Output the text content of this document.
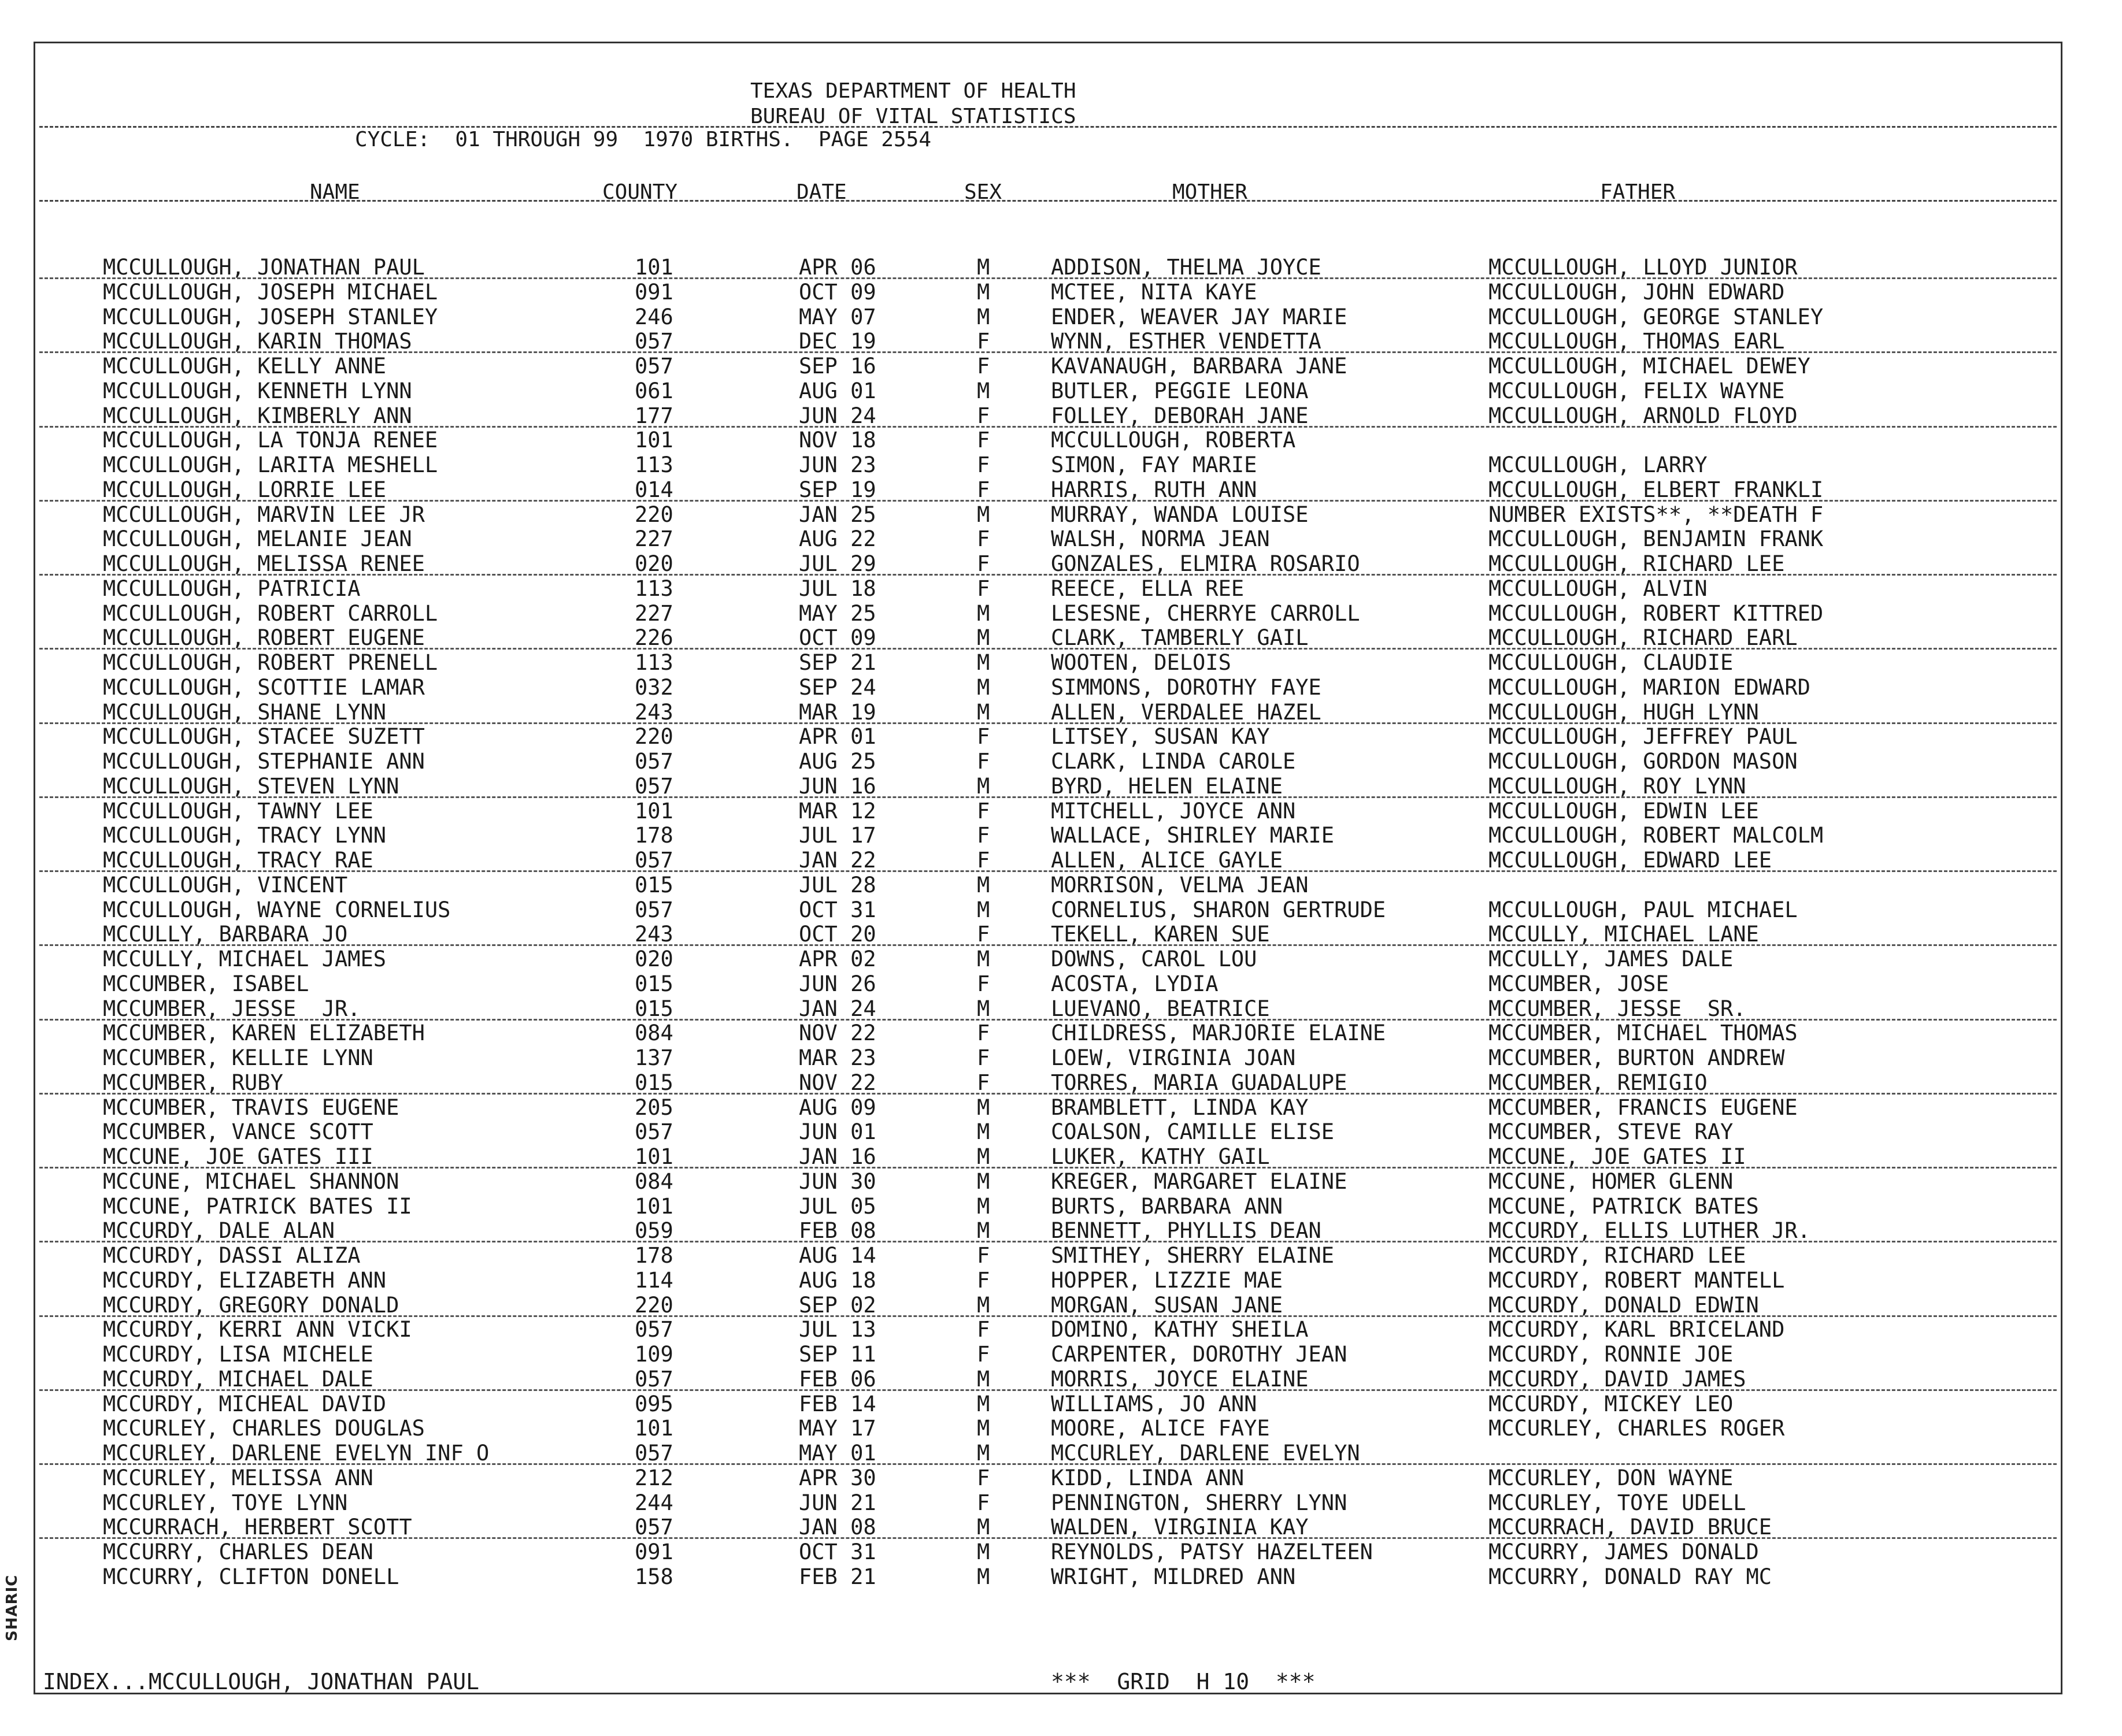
SHARIC
TEXAS DEPARTMENT OF HEALTH
BUREAU OF VITAL STATISTICS
CYCLE:  01 THROUGH 99  1970 BIRTHS.  PAGE 2554
NAME	COUNTY	DATE	SEX	MOTHER	FATHER
MCCULLOUGH, JONATHAN PAUL	101	APR 06	M	ADDISON, THELMA JOYCE	MCCULLOUGH, LLOYD JUNIOR
MCCULLOUGH, JOSEPH MICHAEL	091	OCT 09	M	MCTEE, NITA KAYE	MCCULLOUGH, JOHN EDWARD
MCCULLOUGH, JOSEPH STANLEY	246	MAY 07	M	ENDER, WEAVER JAY MARIE	MCCULLOUGH, GEORGE STANLEY
MCCULLOUGH, KARIN THOMAS	057	DEC 19	F	WYNN, ESTHER VENDETTA	MCCULLOUGH, THOMAS EARL
MCCULLOUGH, KELLY ANNE	057	SEP 16	F	KAVANAUGH, BARBARA JANE	MCCULLOUGH, MICHAEL DEWEY
MCCULLOUGH, KENNETH LYNN	061	AUG 01	M	BUTLER, PEGGIE LEONA	MCCULLOUGH, FELIX WAYNE
MCCULLOUGH, KIMBERLY ANN	177	JUN 24	F	FOLLEY, DEBORAH JANE	MCCULLOUGH, ARNOLD FLOYD
MCCULLOUGH, LA TONJA RENEE	101	NOV 18	F	MCCULLOUGH, ROBERTA
MCCULLOUGH, LARITA MESHELL	113	JUN 23	F	SIMON, FAY MARIE	MCCULLOUGH, LARRY
MCCULLOUGH, LORRIE LEE	014	SEP 19	F	HARRIS, RUTH ANN	MCCULLOUGH, ELBERT FRANKLI
MCCULLOUGH, MARVIN LEE JR	220	JAN 25	M	MURRAY, WANDA LOUISE	NUMBER EXISTS**, **DEATH F
MCCULLOUGH, MELANIE JEAN	227	AUG 22	F	WALSH, NORMA JEAN	MCCULLOUGH, BENJAMIN FRANK
MCCULLOUGH, MELISSA RENEE	020	JUL 29	F	GONZALES, ELMIRA ROSARIO	MCCULLOUGH, RICHARD LEE
MCCULLOUGH, PATRICIA	113	JUL 18	F	REECE, ELLA REE	MCCULLOUGH, ALVIN
MCCULLOUGH, ROBERT CARROLL	227	MAY 25	M	LESESNE, CHERRYE CARROLL	MCCULLOUGH, ROBERT KITTRED
MCCULLOUGH, ROBERT EUGENE	226	OCT 09	M	CLARK, TAMBERLY GAIL	MCCULLOUGH, RICHARD EARL
MCCULLOUGH, ROBERT PRENELL	113	SEP 21	M	WOOTEN, DELOIS	MCCULLOUGH, CLAUDIE
MCCULLOUGH, SCOTTIE LAMAR	032	SEP 24	M	SIMMONS, DOROTHY FAYE	MCCULLOUGH, MARION EDWARD
MCCULLOUGH, SHANE LYNN	243	MAR 19	M	ALLEN, VERDALEE HAZEL	MCCULLOUGH, HUGH LYNN
MCCULLOUGH, STACEE SUZETT	220	APR 01	F	LITSEY, SUSAN KAY	MCCULLOUGH, JEFFREY PAUL
MCCULLOUGH, STEPHANIE ANN	057	AUG 25	F	CLARK, LINDA CAROLE	MCCULLOUGH, GORDON MASON
MCCULLOUGH, STEVEN LYNN	057	JUN 16	M	BYRD, HELEN ELAINE	MCCULLOUGH, ROY LYNN
MCCULLOUGH, TAWNY LEE	101	MAR 12	F	MITCHELL, JOYCE ANN	MCCULLOUGH, EDWIN LEE
MCCULLOUGH, TRACY LYNN	178	JUL 17	F	WALLACE, SHIRLEY MARIE	MCCULLOUGH, ROBERT MALCOLM
MCCULLOUGH, TRACY RAE	057	JAN 22	F	ALLEN, ALICE GAYLE	MCCULLOUGH, EDWARD LEE
MCCULLOUGH, VINCENT	015	JUL 28	M	MORRISON, VELMA JEAN
MCCULLOUGH, WAYNE CORNELIUS	057	OCT 31	M	CORNELIUS, SHARON GERTRUDE	MCCULLOUGH, PAUL MICHAEL
MCCULLY, BARBARA JO	243	OCT 20	F	TEKELL, KAREN SUE	MCCULLY, MICHAEL LANE
MCCULLY, MICHAEL JAMES	020	APR 02	M	DOWNS, CAROL LOU	MCCULLY, JAMES DALE
MCCUMBER, ISABEL	015	JUN 26	F	ACOSTA, LYDIA	MCCUMBER, JOSE
MCCUMBER, JESSE  JR.	015	JAN 24	M	LUEVANO, BEATRICE	MCCUMBER, JESSE  SR.
MCCUMBER, KAREN ELIZABETH	084	NOV 22	F	CHILDRESS, MARJORIE ELAINE	MCCUMBER, MICHAEL THOMAS
MCCUMBER, KELLIE LYNN	137	MAR 23	F	LOEW, VIRGINIA JOAN	MCCUMBER, BURTON ANDREW
MCCUMBER, RUBY	015	NOV 22	F	TORRES, MARIA GUADALUPE	MCCUMBER, REMIGIO
MCCUMBER, TRAVIS EUGENE	205	AUG 09	M	BRAMBLETT, LINDA KAY	MCCUMBER, FRANCIS EUGENE
MCCUMBER, VANCE SCOTT	057	JUN 01	M	COALSON, CAMILLE ELISE	MCCUMBER, STEVE RAY
MCCUNE, JOE GATES III	101	JAN 16	M	LUKER, KATHY GAIL	MCCUNE, JOE GATES II
MCCUNE, MICHAEL SHANNON	084	JUN 30	M	KREGER, MARGARET ELAINE	MCCUNE, HOMER GLENN
MCCUNE, PATRICK BATES II	101	JUL 05	M	BURTS, BARBARA ANN	MCCUNE, PATRICK BATES
MCCURDY, DALE ALAN	059	FEB 08	M	BENNETT, PHYLLIS DEAN	MCCURDY, ELLIS LUTHER JR.
MCCURDY, DASSI ALIZA	178	AUG 14	F	SMITHEY, SHERRY ELAINE	MCCURDY, RICHARD LEE
MCCURDY, ELIZABETH ANN	114	AUG 18	F	HOPPER, LIZZIE MAE	MCCURDY, ROBERT MANTELL
MCCURDY, GREGORY DONALD	220	SEP 02	M	MORGAN, SUSAN JANE	MCCURDY, DONALD EDWIN
MCCURDY, KERRI ANN VICKI	057	JUL 13	F	DOMINO, KATHY SHEILA	MCCURDY, KARL BRICELAND
MCCURDY, LISA MICHELE	109	SEP 11	F	CARPENTER, DOROTHY JEAN	MCCURDY, RONNIE JOE
MCCURDY, MICHAEL DALE	057	FEB 06	M	MORRIS, JOYCE ELAINE	MCCURDY, DAVID JAMES
MCCURDY, MICHEAL DAVID	095	FEB 14	M	WILLIAMS, JO ANN	MCCURDY, MICKEY LEO
MCCURLEY, CHARLES DOUGLAS	101	MAY 17	M	MOORE, ALICE FAYE	MCCURLEY, CHARLES ROGER
MCCURLEY, DARLENE EVELYN INF O	057	MAY 01	M	MCCURLEY, DARLENE EVELYN
MCCURLEY, MELISSA ANN	212	APR 30	F	KIDD, LINDA ANN	MCCURLEY, DON WAYNE
MCCURLEY, TOYE LYNN	244	JUN 21	F	PENNINGTON, SHERRY LYNN	MCCURLEY, TOYE UDELL
MCCURRACH, HERBERT SCOTT	057	JAN 08	M	WALDEN, VIRGINIA KAY	MCCURRACH, DAVID BRUCE
MCCURRY, CHARLES DEAN	091	OCT 31	M	REYNOLDS, PATSY HAZELTEEN	MCCURRY, JAMES DONALD
MCCURRY, CLIFTON DONELL	158	FEB 21	M	WRIGHT, MILDRED ANN	MCCURRY, DONALD RAY MC
INDEX...MCCULLOUGH, JONATHAN PAUL	***  GRID  H 10  ***
